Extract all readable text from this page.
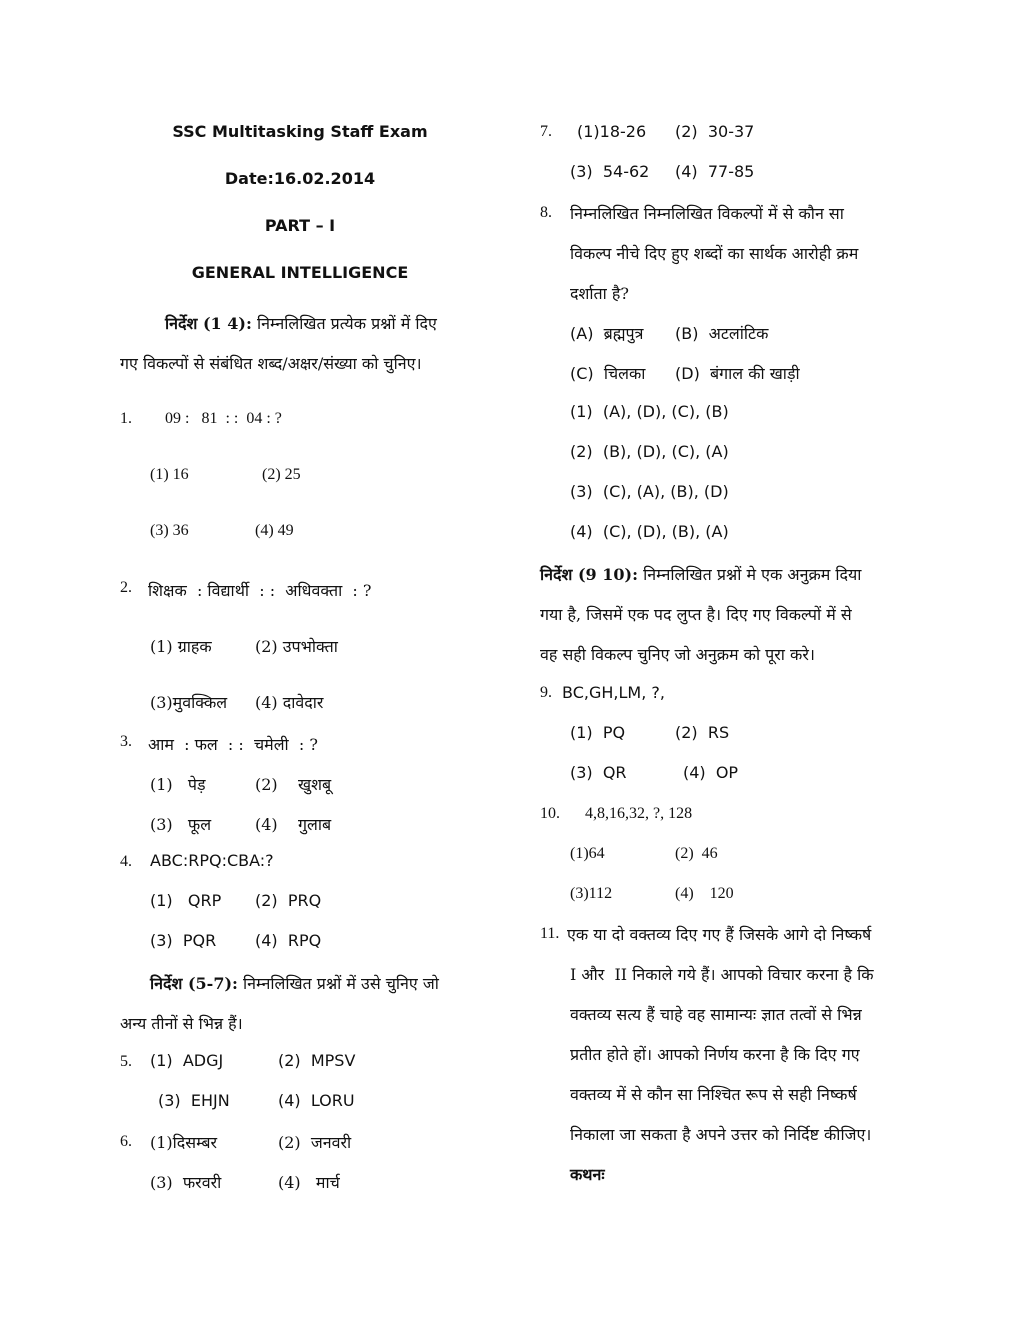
SSC Multitasking Staff Exam
Date:16.02.2014
PART – I
GENERAL INTELLIGENCE
निर्देश (1 4): निम्नलिखित प्रत्येक प्रश्नों में दिए
गए विकल्पों से संबंधित शब्द/अक्षर/संख्या को चुनिए।
1. 09 :   81  : :  04 : ?
(1) 16	(2) 25
(3) 36	(4) 49
2. शिक्षक  : विद्यार्थी  : :  अधिवक्ता  : ?
(1) ग्राहक	(2) उपभोक्ता
(3)मुवक्किल (4) दावेदार
3. आम  : फल  : :  चमेली  : ?
(1)   पेड़	(2)    खुशबू
(3)   फूल	(4)    गुलाब
4. ABC:RPQ:CBA:?
(1)   QRP (2)  PRQ
(3)  PQR (4)  RPQ
निर्देश (5-7): निम्नलिखित प्रश्नों में उसे चुनिए जो
अन्य तीनों से भिन्न हैं।
5. (1)  ADGJ	(2)  MPSV
(3)  EHJN	(4)  LORU
6. (1)दिसम्बर	(2)  जनवरी
(3)  फरवरी	(4)   मार्च
7. (1)18-26 (2)  30-37
(3)  54-62 (4)  77-85
8. निम्नलिखित निम्नलिखित विकल्पों में से कौन सा
विकल्प नीचे दिए हुए शब्दों का सार्थक आरोही क्रम
दर्शाता है?
(A)  ब्रह्मपुत्र (B)  अटलांटिक
(C)  चिलका (D)  बंगाल की खाड़ी
(1)  (A), (D), (C), (B)
(2)  (B), (D), (C), (A)
(3)  (C), (A), (B), (D)
(4)  (C), (D), (B), (A)
निर्देश (9 10): निम्नलिखित प्रश्नों मे एक अनुक्रम दिया
गया है, जिसमें एक पद लुप्त है। दिए गए विकल्पों में से
वह सही विकल्प चुनिए जो अनुक्रम को पूरा करे।
9. BC,GH,LM, ?,
(1)  PQ	(2)  RS
(3)  QR	(4)  OP
10. 4,8,16,32, ?, 128
(1)64	(2)  46
(3)112	(4)    120
11. एक या दो वक्तव्य दिए गए हैं जिसके आगे दो निष्कर्ष
I और  II निकाले गये हैं। आपको विचार करना है कि
वक्तव्य सत्य हैं चाहे वह सामान्यः ज्ञात तत्वों से भिन्न
प्रतीत होते हों। आपको निर्णय करना है कि दिए गए
वक्तव्य में से कौन सा निश्चित रूप से सही निष्कर्ष
निकाला जा सकता है अपने उत्तर को निर्दिष्ट कीजिए।
कथनः
